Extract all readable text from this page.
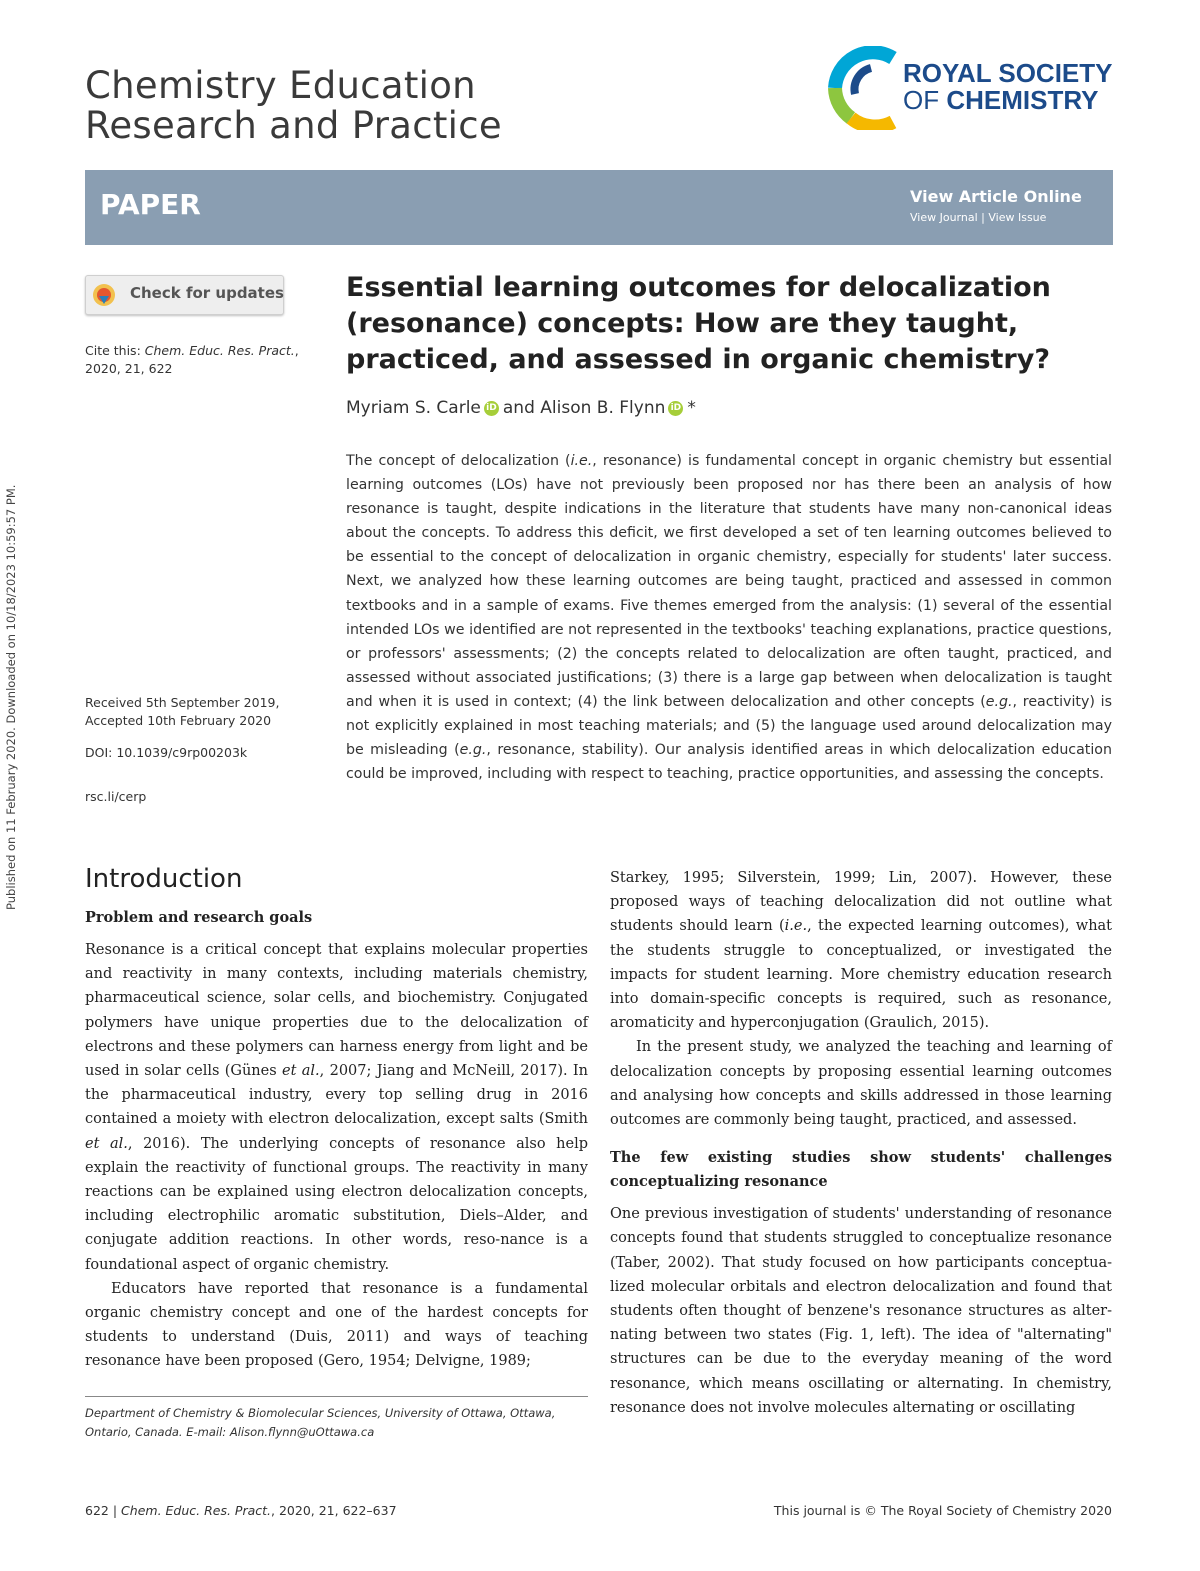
Published on 11 February 2020. Downloaded on 10/18/2023 10:59:57 PM.
Chemistry Education
Research and Practice
ROYAL SOCIETY
OF CHEMISTRY
PAPER	View Article Online
View Journal | View Issue
Check for updates
Cite this: Chem. Educ. Res. Pract.,
2020, 21, 622
Received 5th September 2019,
Accepted 10th February 2020
DOI: 10.1039/c9rp00203k
rsc.li/cerp
Essential learning outcomes for delocalization (resonance) concepts: How are they taught, practiced, and assessed in organic chemistry?
Myriam S. Carle iD and
Alison B. Flynn iD *
The concept of delocalization (i.e., resonance) is fundamental concept in organic chemistry but essential learning outcomes (LOs) have not previously been proposed nor has there been an analysis of how resonance is taught, despite indications in the literature that students have many non-canonical ideas about the concepts. To address this deficit, we first developed a set of ten learning outcomes believed to be essential to the concept of delocalization in organic chemistry, especially for students' later success. Next, we analyzed how these learning outcomes are being taught, practiced and assessed in common textbooks and in a sample of exams. Five themes emerged from the analysis: (1) several of the essential intended LOs we identified are not represented in the textbooks' teaching explanations, practice questions, or professors' assessments; (2) the concepts related to delocalization are often taught, practiced, and assessed without associated justifications; (3) there is a large gap between when delocalization is taught and when it is used in context; (4) the link between delocalization and other concepts (e.g., reactivity) is not explicitly explained in most teaching materials; and (5) the language used around delocalization may be misleading (e.g., resonance, stability). Our analysis identified areas in which delocalization education could be improved, including with respect to teaching, practice opportunities, and assessing the concepts.
Introduction
Problem and research goals

Resonance is a critical concept that explains molecular properties and reactivity in many contexts, including materials chemistry, pharmaceutical science, solar cells, and biochemistry. Conjugated polymers have unique properties due to the delocalization of electrons and these polymers can harness energy from light and be used in solar cells (Günes et al., 2007; Jiang and McNeill, 2017). In the pharmaceutical industry, every top selling drug in 2016 contained a moiety with electron delocalization, except salts (Smith et al., 2016). The underlying concepts of resonance also help explain the reactivity of functional groups. The reactivity in many reactions can be explained using electron delocalization concepts, including electrophilic aromatic substitution, Diels–Alder, and conjugate addition reactions. In other words, reso-nance is a foundational aspect of organic chemistry.

Educators have reported that resonance is a fundamental organic chemistry concept and one of the hardest concepts for students to understand (Duis, 2011) and ways of teaching resonance have been proposed (Gero, 1954; Delvigne, 1989;

Starkey, 1995; Silverstein, 1999; Lin, 2007). However, these proposed ways of teaching delocalization did not outline what students should learn (i.e., the expected learning outcomes), what the students struggle to conceptualized, or investigated the impacts for student learning. More chemistry education research into domain-specific concepts is required, such as resonance, aromaticity and hyperconjugation (Graulich, 2015).

In the present study, we analyzed the teaching and learning of delocalization concepts by proposing essential learning outcomes and analysing how concepts and skills addressed in those learning outcomes are commonly being taught, practiced, and assessed.

The few existing studies show students' challenges conceptualizing resonance

One previous investigation of students' understanding of resonance concepts found that students struggled to conceptualize resonance (Taber, 2002). That study focused on how participants conceptua-lized molecular orbitals and electron delocalization and found that students often thought of benzene's resonance structures as alter-nating between two states (Fig. 1, left). The idea of "alternating" structures can be due to the everyday meaning of the word resonance, which means oscillating or alternating. In chemistry, resonance does not involve molecules alternating or oscillating

Department of Chemistry & Biomolecular Sciences, University of Ottawa, Ottawa, Ontario, Canada. E-mail: Alison.flynn@uOttawa.ca
622 | Chem. Educ. Res. Pract., 2020, 21, 622–637	This journal is © The Royal Society of Chemistry 2020
